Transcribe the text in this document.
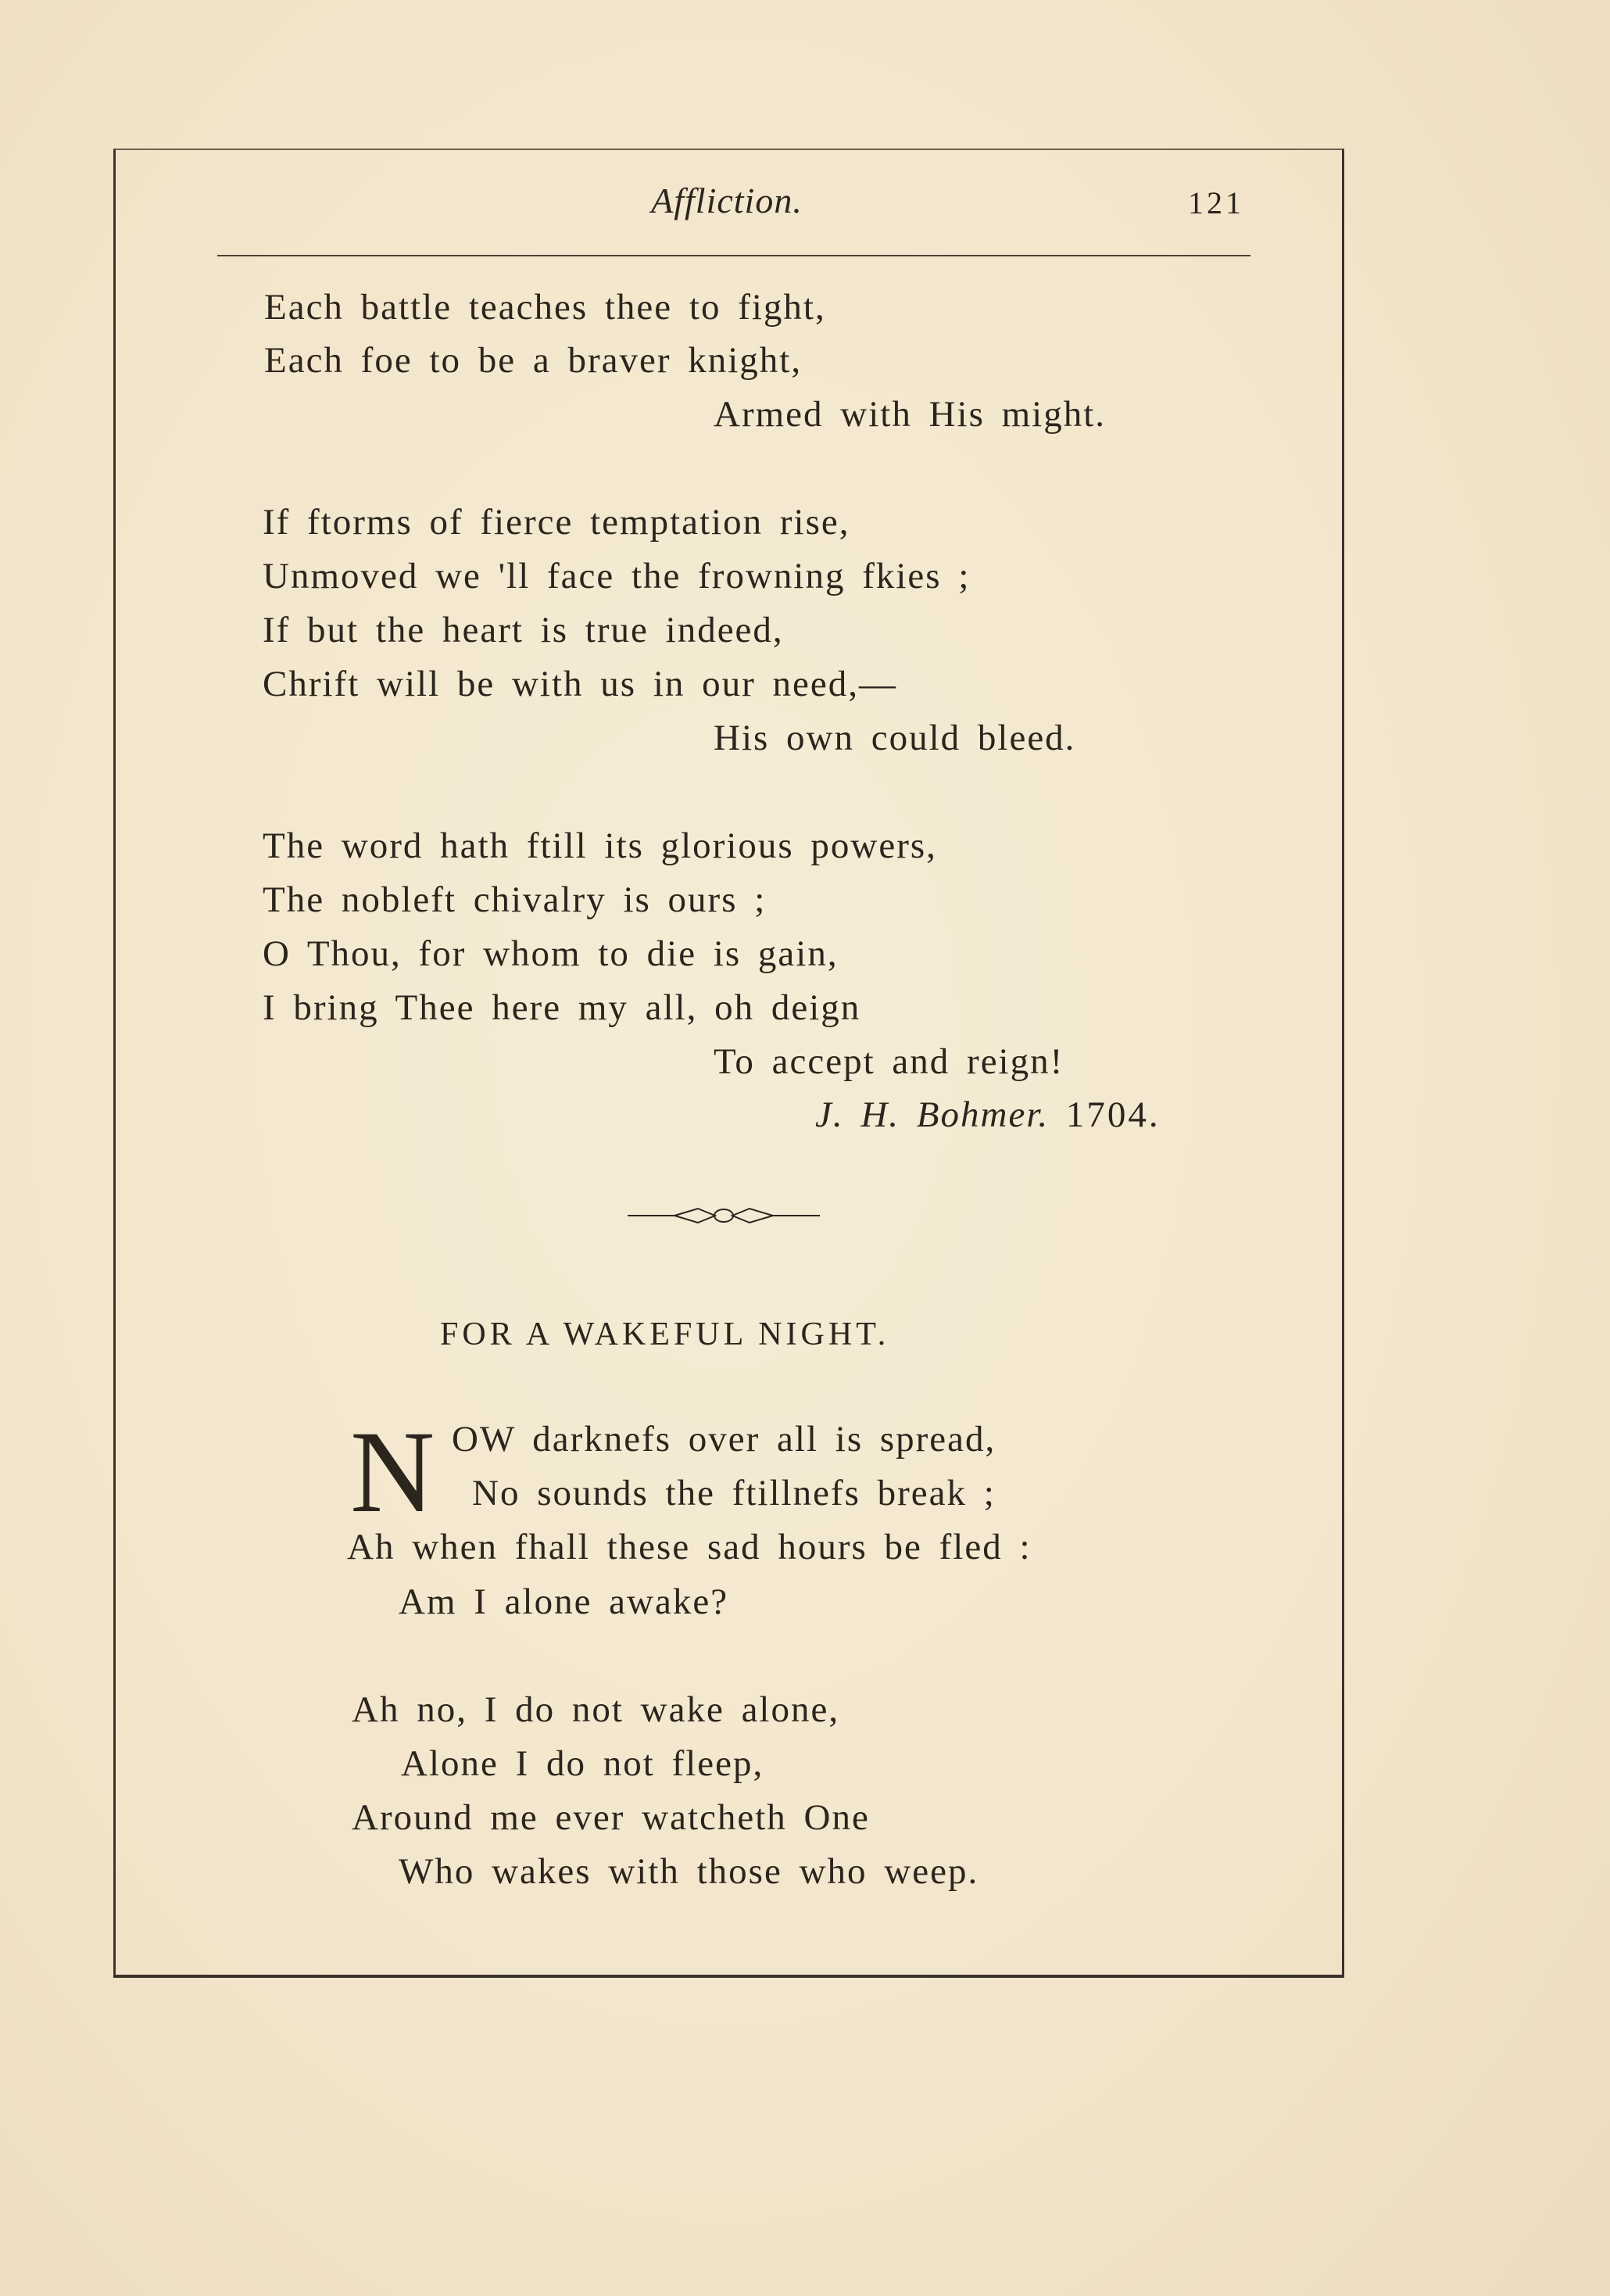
Affliction.	121
Each battle teaches thee to fight,
Each foe to be a braver knight,
Armed with His might.
If ftorms of fierce temptation rise,
Unmoved we 'll face the frowning fkies ;
If but the heart is true indeed,
Chrift will be with us in our need,—
His own could bleed.
The word hath ftill its glorious powers,
The nobleft chivalry is ours ;
O Thou, for whom to die is gain,
I bring Thee here my all, oh deign
To accept and reign!
J. H. Bohmer. 1704.
FOR A WAKEFUL NIGHT.
N OW darknefs over all is spread,
No sounds the ftillnefs break ;
Ah when fhall these sad hours be fled :
Am I alone awake?
Ah no, I do not wake alone,
Alone I do not fleep,
Around me ever watcheth One
Who wakes with those who weep.
